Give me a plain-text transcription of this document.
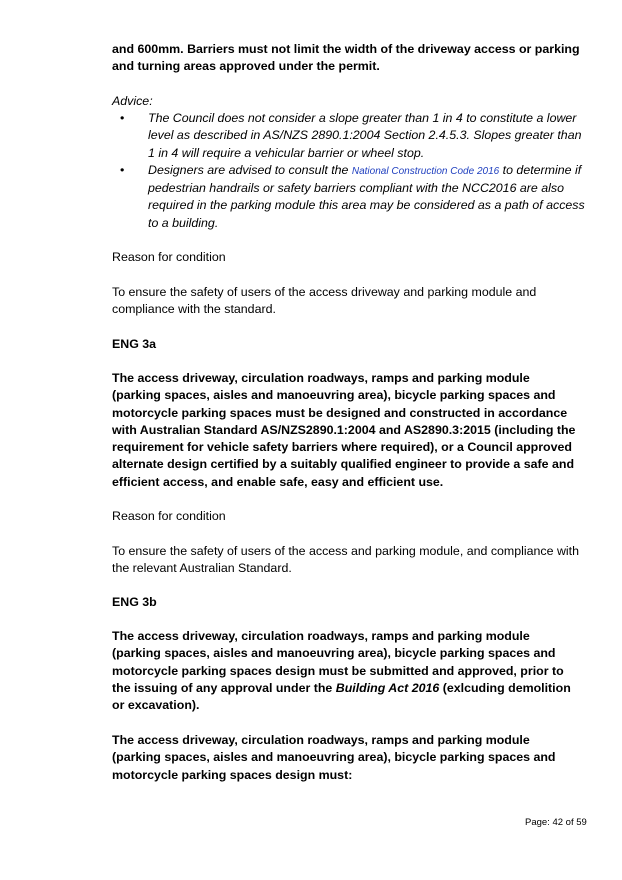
and 600mm. Barriers must not limit the width of the driveway access or parking and turning areas approved under the permit.
Advice:
• The Council does not consider a slope greater than 1 in 4 to constitute a lower level as described in AS/NZS 2890.1:2004 Section 2.4.5.3. Slopes greater than 1 in 4 will require a vehicular barrier or wheel stop.
• Designers are advised to consult the National Construction Code 2016 to determine if pedestrian handrails or safety barriers compliant with the NCC2016 are also required in the parking module this area may be considered as a path of access to a building.
Reason for condition
To ensure the safety of users of the access driveway and parking module and compliance with the standard.
ENG 3a
The access driveway, circulation roadways, ramps and parking module (parking spaces, aisles and manoeuvring area), bicycle parking spaces and motorcycle parking spaces must be designed and constructed in accordance with Australian Standard AS/NZS2890.1:2004 and AS2890.3:2015 (including the requirement for vehicle safety barriers where required), or a Council approved alternate design certified by a suitably qualified engineer to provide a safe and efficient access, and enable safe, easy and efficient use.
Reason for condition
To ensure the safety of users of the access and parking module, and compliance with the relevant Australian Standard.
ENG 3b
The access driveway, circulation roadways, ramps and parking module (parking spaces, aisles and manoeuvring area), bicycle parking spaces and motorcycle parking spaces design must be submitted and approved, prior to the issuing of any approval under the Building Act 2016 (exlcuding demolition or excavation).
The access driveway, circulation roadways, ramps and parking module (parking spaces, aisles and manoeuvring area), bicycle parking spaces and motorcycle parking spaces design must:
Page: 42 of 59
